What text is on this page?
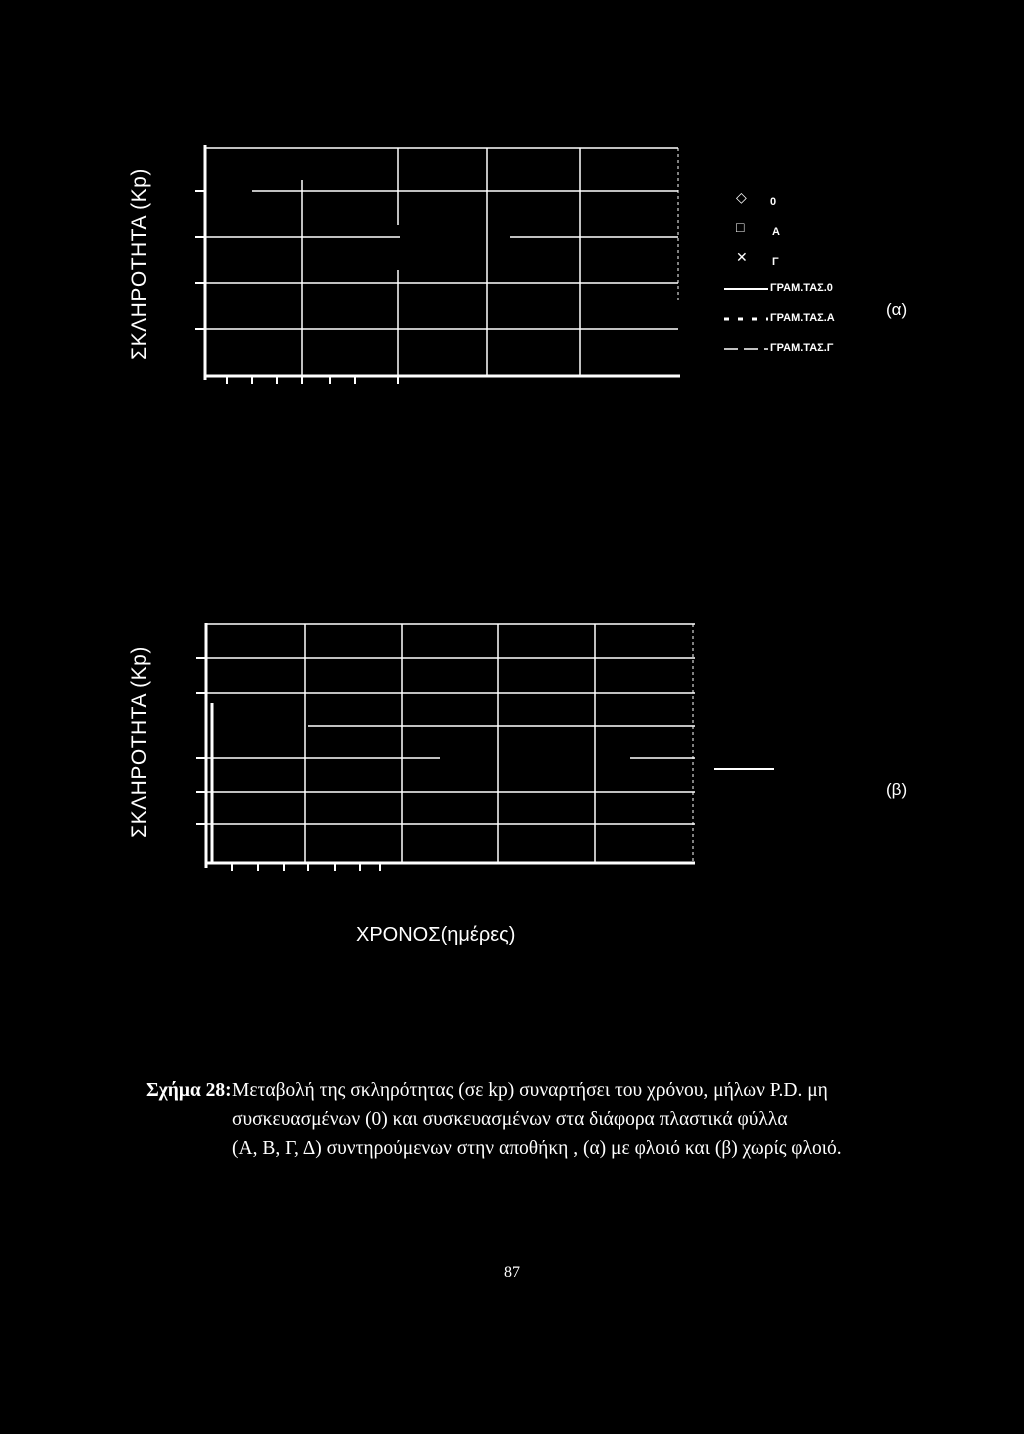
ΣΚΛΗΡΟΤΗΤΑ (Kp)	◇ 0
□	A
✕ Γ
ΓΡΑΜ.ΤΑΣ.0
ΓΡΑΜ.ΤΑΣ.Α
ΓΡΑΜ.ΤΑΣ.Γ
(α)
ΣΚΛΗΡΟΤΗΤΑ (Kp)	(β)
ΧΡΟΝΟΣ(ημέρες)
Σχήμα 28: Μεταβολή της σκληρότητας (σε kp) συναρτήσει του χρόνου, μήλων P.D. μη
συσκευασμένων (0) και συσκευασμένων στα διάφορα πλαστικά φύλλα
(A, B, Γ, Δ) συντηρούμενων στην αποθήκη , (α) με φλοιό και (β) χωρίς φλοιό.
87
